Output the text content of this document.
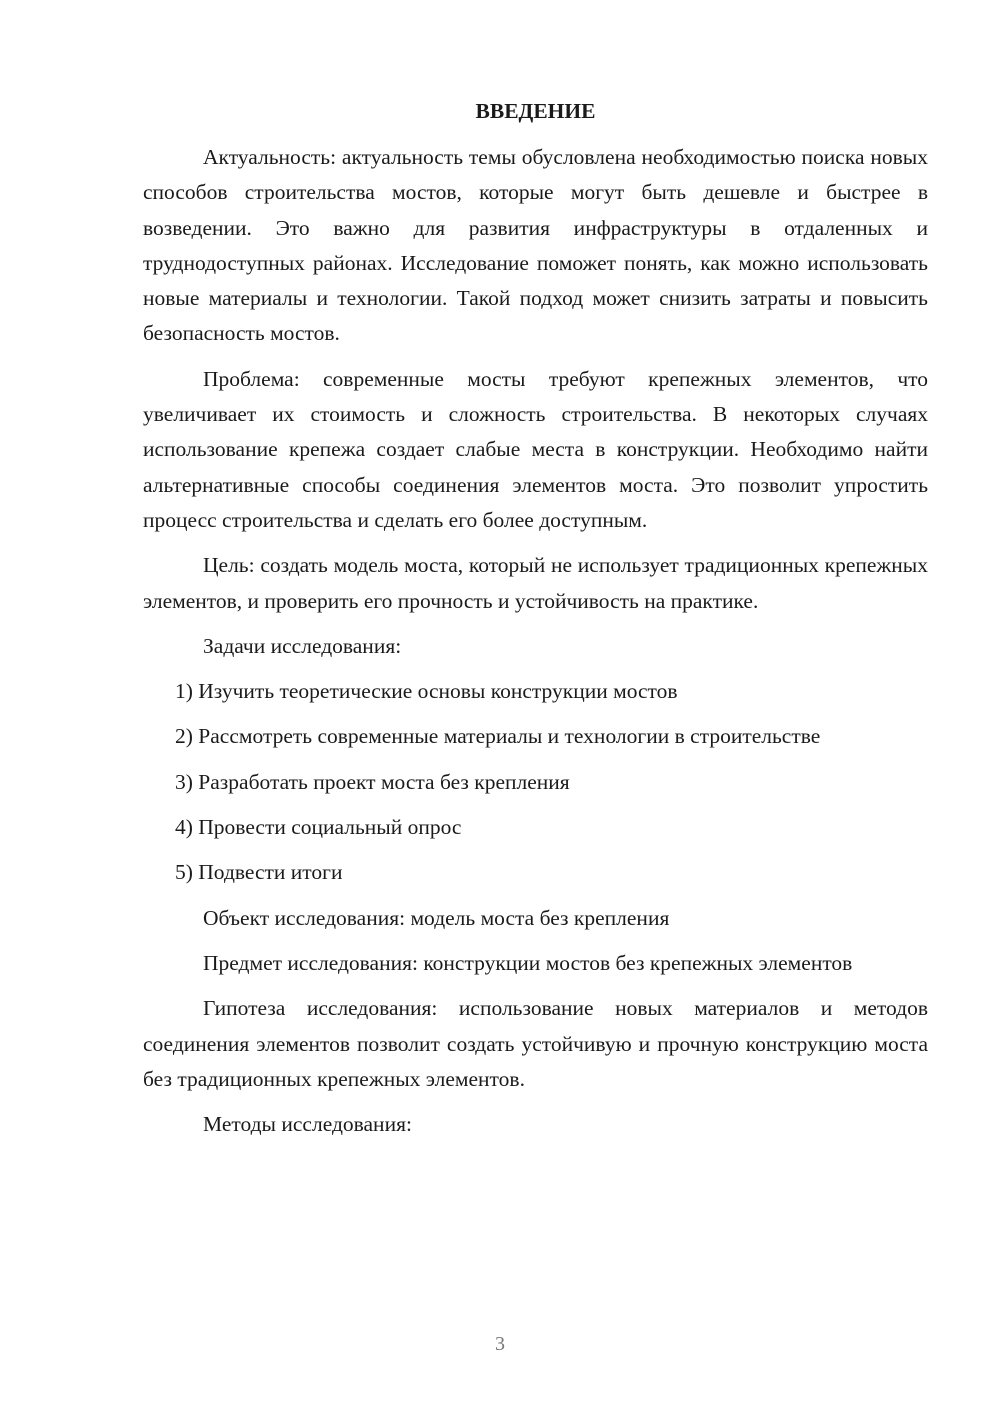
ВВЕДЕНИЕ

Актуальность: актуальность темы обусловлена необходимостью поиска новых способов строительства мостов, которые могут быть дешевле и быстрее в возведении. Это важно для развития инфраструктуры в отдаленных и труднодоступных районах. Исследование поможет понять, как можно использовать новые материалы и технологии. Такой подход может снизить затраты и повысить безопасность мостов.

Проблема: современные мосты требуют крепежных элементов, что увеличивает их стоимость и сложность строительства. В некоторых случаях использование крепежа создает слабые места в конструкции. Необходимо найти альтернативные способы соединения элементов моста. Это позволит упростить процесс строительства и сделать его более доступным.

Цель: создать модель моста, который не использует традиционных крепежных элементов, и проверить его прочность и устойчивость на практике.

Задачи исследования:

1) Изучить теоретические основы конструкции мостов

2) Рассмотреть современные материалы и технологии в строительстве

3) Разработать проект моста без крепления

4) Провести социальный опрос

5) Подвести итоги

Объект исследования: модель моста без крепления

Предмет исследования: конструкции мостов без крепежных элементов

Гипотеза исследования: использование новых материалов и методов соединения элементов позволит создать устойчивую и прочную конструкцию моста без традиционных крепежных элементов.

Методы исследования:

3
